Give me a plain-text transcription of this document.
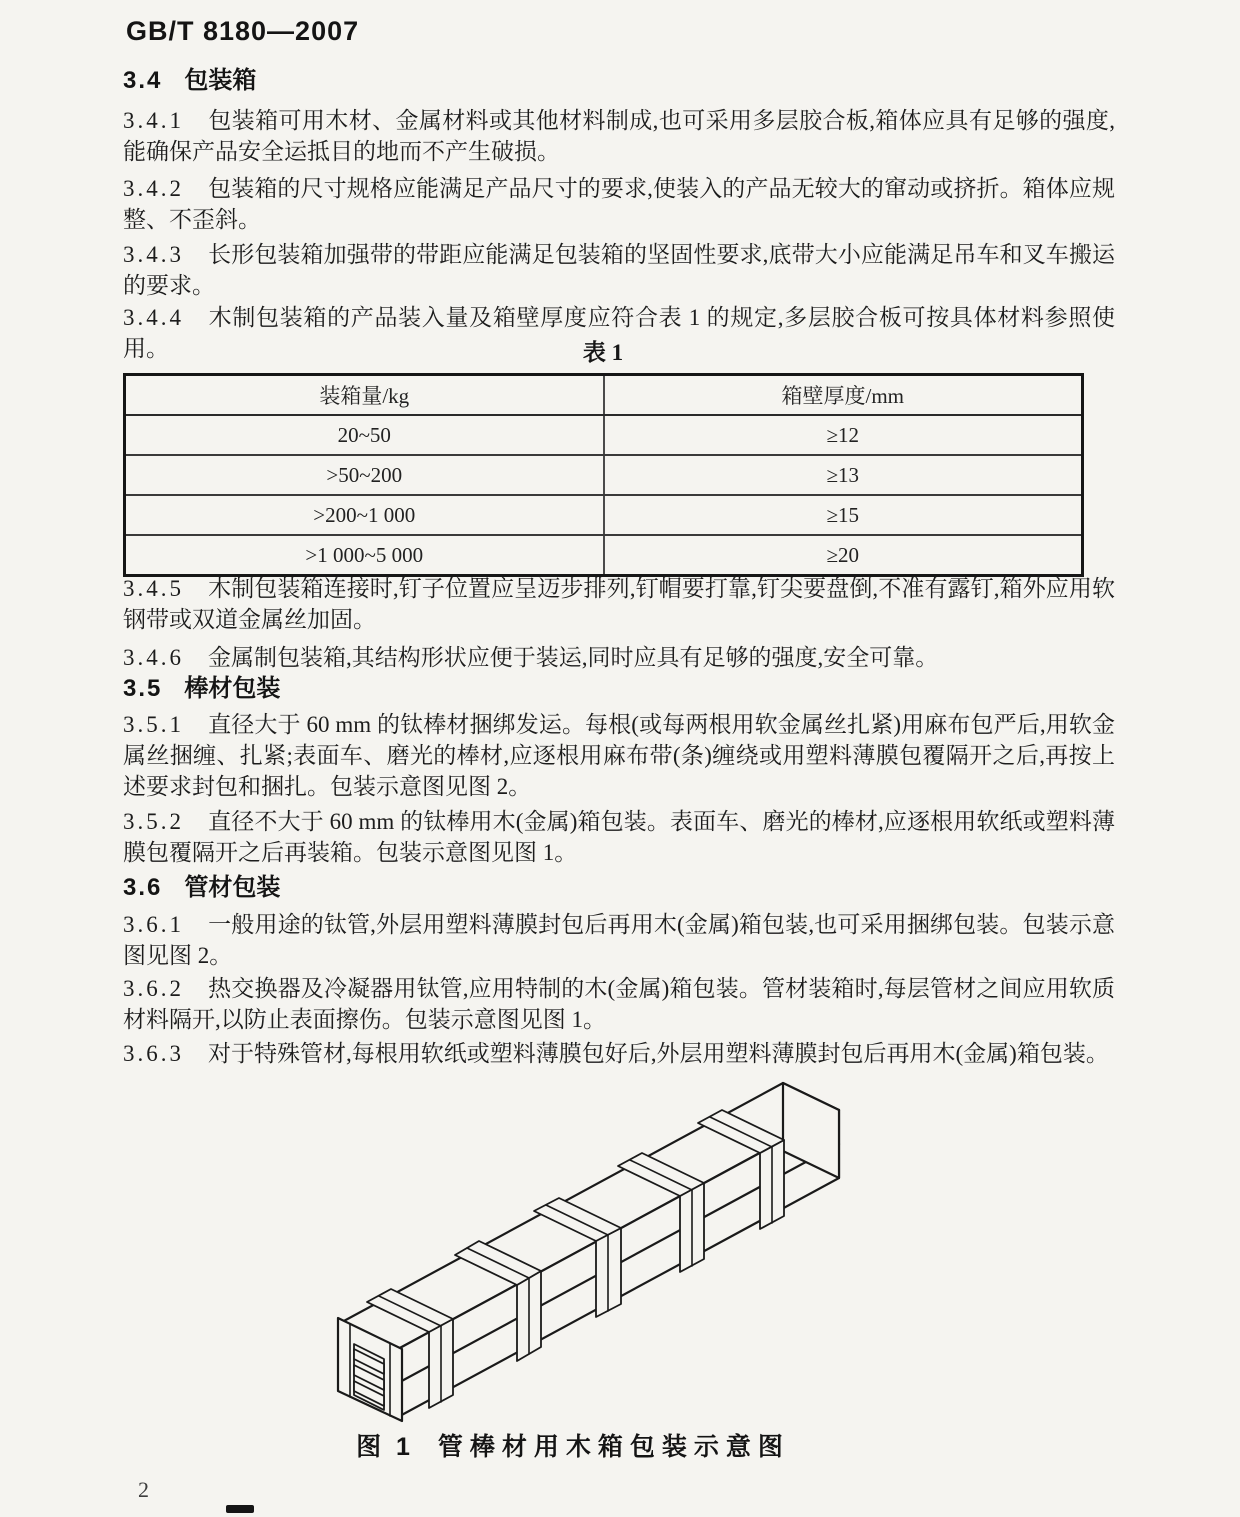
GB/T 8180—2007
3.4 包装箱
3.4.1 包装箱可用木材、金属材料或其他材料制成,也可采用多层胶合板,箱体应具有足够的强度,能确保产品安全运抵目的地而不产生破损。
3.4.2 包装箱的尺寸规格应能满足产品尺寸的要求,使装入的产品无较大的窜动或挤折。箱体应规整、不歪斜。
3.4.3 长形包装箱加强带的带距应能满足包装箱的坚固性要求,底带大小应能满足吊车和叉车搬运的要求。
3.4.4 木制包装箱的产品装入量及箱壁厚度应符合表 1 的规定,多层胶合板可按具体材料参照使用。	表 1
装箱量/kg	箱壁厚度/mm
20~50	≥12
>50~200	≥13
>200~1 000	≥15
>1 000~5 000	≥20
3.4.5 木制包装箱连接时,钉子位置应呈迈步排列,钉帽要打靠,钉尖要盘倒,不准有露钉,箱外应用软钢带或双道金属丝加固。
3.4.6 金属制包装箱,其结构形状应便于装运,同时应具有足够的强度,安全可靠。
3.5 棒材包装
3.5.1 直径大于 60 mm 的钛棒材捆绑发运。每根(或每两根用软金属丝扎紧)用麻布包严后,用软金属丝捆缠、扎紧;表面车、磨光的棒材,应逐根用麻布带(条)缠绕或用塑料薄膜包覆隔开之后,再按上述要求封包和捆扎。包装示意图见图 2。
3.5.2 直径不大于 60 mm 的钛棒用木(金属)箱包装。表面车、磨光的棒材,应逐根用软纸或塑料薄膜包覆隔开之后再装箱。包装示意图见图 1。
3.6 管材包装
3.6.1 一般用途的钛管,外层用塑料薄膜封包后再用木(金属)箱包装,也可采用捆绑包装。包装示意图见图 2。
3.6.2 热交换器及冷凝器用钛管,应用特制的木(金属)箱包装。管材装箱时,每层管材之间应用软质材料隔开,以防止表面擦伤。包装示意图见图 1。
3.6.3 对于特殊管材,每根用软纸或塑料薄膜包好后,外层用塑料薄膜封包后再用木(金属)箱包装。
图 1 管棒材用木箱包装示意图
2
